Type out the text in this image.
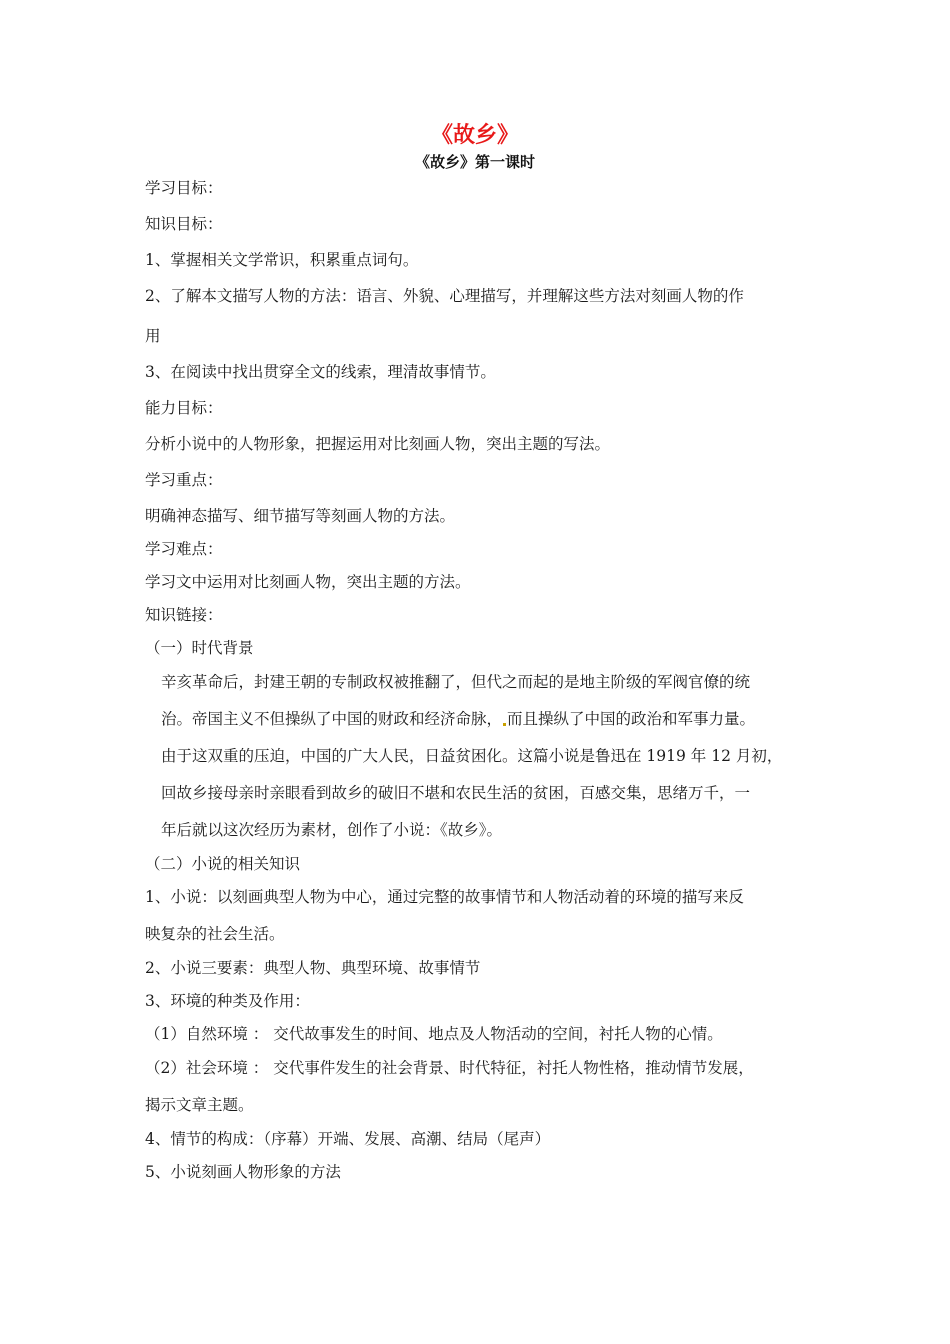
《故乡》
《故乡》第一课时
学习目标：
知识目标：
1、掌握相关文学常识，积累重点词句。
2、了解本文描写人物的方法：语言、外貌、心理描写，并理解这些方法对刻画人物的作
用
3、在阅读中找出贯穿全文的线索，理清故事情节。
能力目标：
分析小说中的人物形象，把握运用对比刻画人物，突出主题的写法。
学习重点：
明确神态描写、细节描写等刻画人物的方法。
学习难点：
学习文中运用对比刻画人物，突出主题的方法。
知识链接：
（一）时代背景
辛亥革命后，封建王朝的专制政权被推翻了，但代之而起的是地主阶级的军阀官僚的统
治。帝国主义不但操纵了中国的财政和经济命脉， 而且操纵了中国的政治和军事力量。
由于这双重的压迫，中国的广大人民，日益贫困化。这篇小说是鲁迅在 1919 年 12 月初，
回故乡接母亲时亲眼看到故乡的破旧不堪和农民生活的贫困，百感交集，思绪万千，一
年后就以这次经历为素材，创作了小说：《故乡》。
（二）小说的相关知识
1、小说：以刻画典型人物为中心，通过完整的故事情节和人物活动着的环境的描写来反
映复杂的社会生活。
2、小说三要素：典型人物、典型环境、故事情节
3、环境的种类及作用：
（1）自然环境 ： 交代故事发生的时间、地点及人物活动的空间，衬托人物的心情。
（2）社会环境 ： 交代事件发生的社会背景、时代特征，衬托人物性格，推动情节发展，
揭示文章主题。
4、情节的构成：（序幕）开端、发展、高潮、结局（尾声）
5、小说刻画人物形象的方法
